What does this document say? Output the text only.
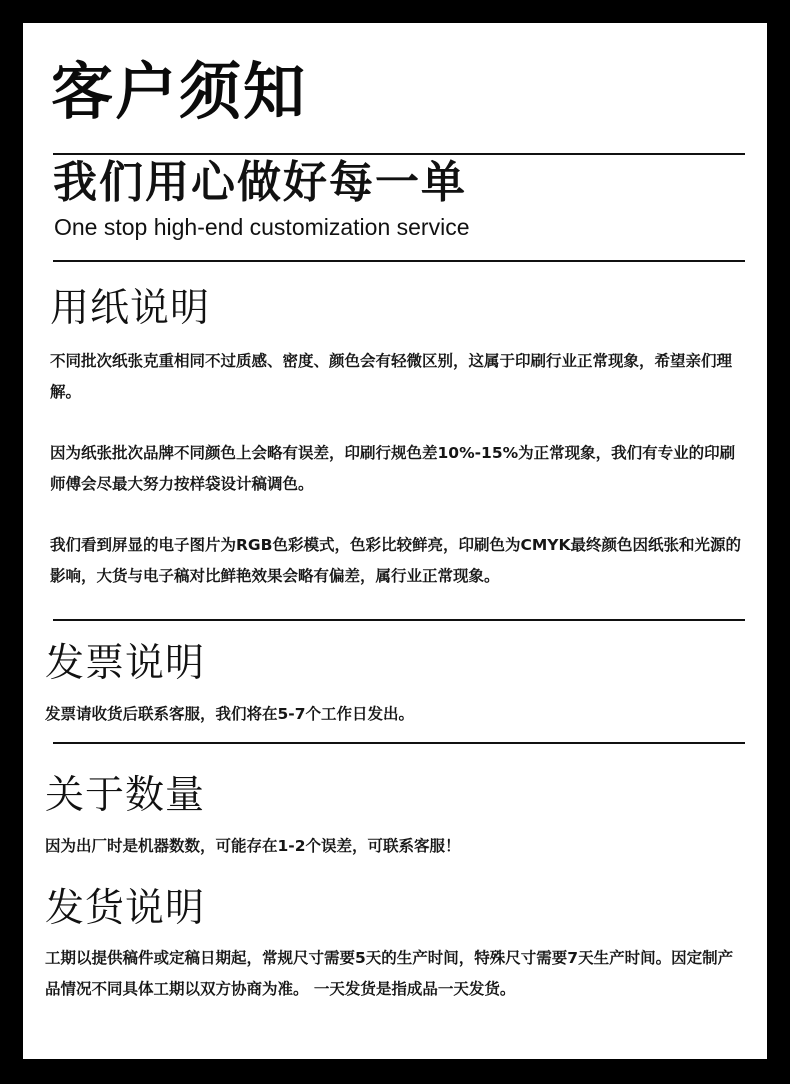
客户须知
我们用心做好每一单
One stop high-end customization service
用纸说明

不同批次纸张克重相同不过质感、密度、颜色会有轻微区别，这属于印刷行业正常现象，希望亲们理解。

因为纸张批次品牌不同颜色上会略有误差，印刷行规色差10%-15%为正常现象，我们有专业的印刷师傅会尽最大努力按样袋设计稿调色。

我们看到屏显的电子图片为RGB色彩模式，色彩比较鲜亮，印刷色为CMYK最终颜色因纸张和光源的影响，大货与电子稿对比鲜艳效果会略有偏差，属行业正常现象。

发票说明

发票请收货后联系客服，我们将在5-7个工作日发出。

关于数量

因为出厂时是机器数数，可能存在1-2个误差，可联系客服！

发货说明

工期以提供稿件或定稿日期起，常规尺寸需要5天的生产时间，特殊尺寸需要7天生产时间。因定制产品情况不同具体工期以双方协商为准。 一天发货是指成品一天发货。
